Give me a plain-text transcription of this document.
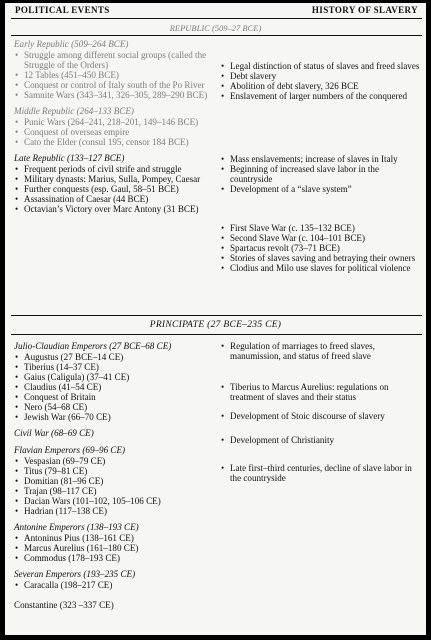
POLITICAL EVENTS	HISTORY OF SLAVERY
REPUBLIC (509–27 BCE)
Early Republic (509–264 BCE)
• Struggle among different social groups (called the Struggle of the Orders)
• 12 Tables (451–450 BCE)
• Conquest or control of Italy south of the Po River
• Samnite Wars (343–341, 326–305, 289–290 BCE)
Middle Republic (264–133 BCE)
• Punic Wars (264–241, 218–201, 149–146 BCE)
• Conquest of overseas empire
• Cato the Elder (consul 195, censor 184 BCE)
Late Republic (133–127 BCE)
• Frequent periods of civil strife and struggle
• Military dynasts: Marius, Sulla, Pompey, Caesar
• Further conquests (esp. Gaul, 58–51 BCE)
• Assassination of Caesar (44 BCE)
• Octavian’s Victory over Marc Antony (31 BCE)
• Legal distinction of status of slaves and freed slaves
• Debt slavery
• Abolition of debt slavery, 326 BCE
• Enslavement of larger numbers of the conquered
• Mass enslavements; increase of slaves in Italy
• Beginning of increased slave labor in the countryside
• Development of a “slave system”
• First Slave War (c. 135–132 BCE)
• Second Slave War (c. 104–101 BCE)
• Spartacus revolt (73–71 BCE)
• Stories of slaves saving and betraying their owners
• Clodius and Milo use slaves for political violence
PRINCIPATE (27 BCE–235 CE)
Julio-Claudian Emperors (27 BCE–68 CE)
• Augustus (27 BCE–14 CE)
• Tiberius (14–37 CE)
• Gaius (Caligula) (37–41 CE)
• Claudius (41–54 CE)
• Conquest of Britain
• Nero (54–68 CE)
• Jewish War (66–70 CE)
Civil War (68–69 CE)
Flavian Emperors (69–96 CE)
• Vespasian (69–79 CE)
• Titus (79–81 CE)
• Domitian (81–96 CE)
• Trajan (98–117 CE)
• Dacian Wars (101–102, 105–106 CE)
• Hadrian (117–138 CE)
Antonine Emperors (138–193 CE)
• Antoninus Pius (138–161 CE)
• Marcus Aurelius (161–180 CE)
• Commodus (178–193 CE)
Severan Emperors (193–235 CE)
• Caracalla (198–217 CE)
Constantine (323 –337 CE)
• Regulation of marriages to freed slaves, manumission, and status of freed slave
• Tiberius to Marcus Aurelius: regulations on treatment of slaves and their status
• Development of Stoic discourse of slavery
• Development of Christianity
• Late first–third centuries, decline of slave labor in the countryside
